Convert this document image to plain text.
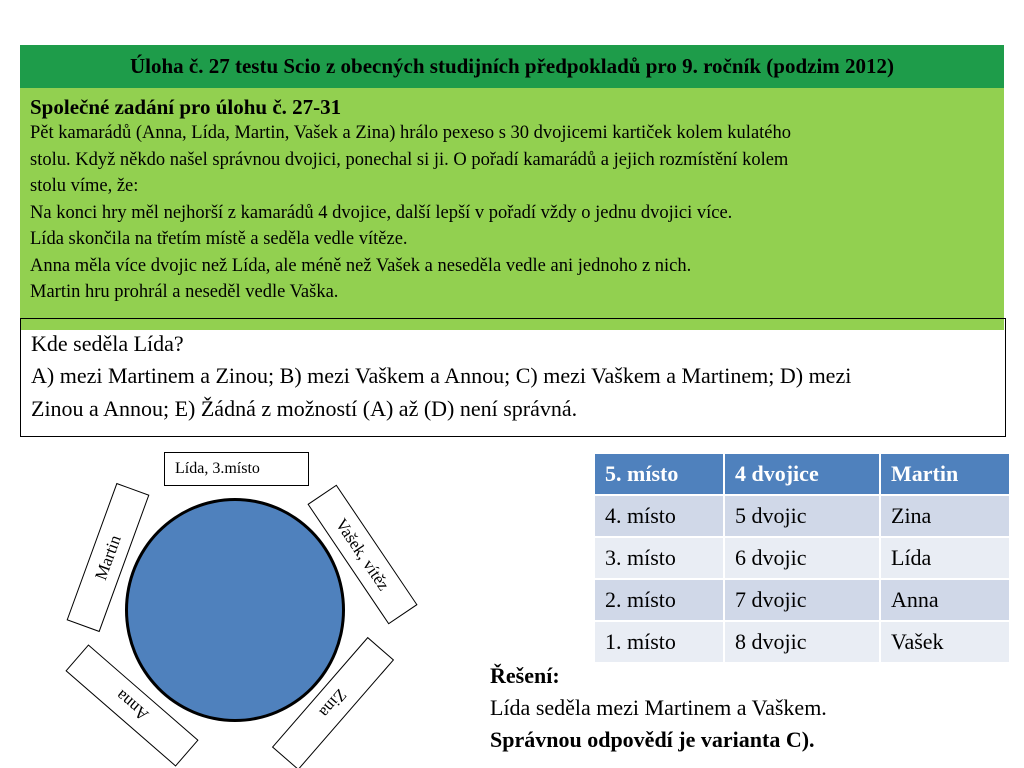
Úloha č. 27 testu Scio z obecných studijních předpokladů pro 9. ročník (podzim 2012)
Společné zadání pro úlohu č. 27-31
Pět kamarádů (Anna, Lída, Martin, Vašek a Zina) hrálo pexeso s 30 dvojicemi kartiček kolem kulatého
stolu. Když někdo našel správnou dvojici, ponechal si ji. O pořadí kamarádů a jejich rozmístění kolem
stolu víme, že:
Na konci hry měl nejhorší z kamarádů 4 dvojice, další lepší v pořadí vždy o jednu dvojici více.
Lída skončila na třetím místě a seděla vedle vítěze.
Anna měla více dvojic než Lída, ale méně než Vašek a neseděla vedle ani jednoho z nich.
Martin hru prohrál a neseděl vedle Vaška.
Kde seděla Lída?
A) mezi Martinem a Zinou; B) mezi Vaškem a Annou; C) mezi Vaškem a Martinem; D) mezi
Zinou a Annou; E) Žádná z možností (A) až (D) není správná.
Lída, 3.místo
Martin	Vašek, vítěz
Anna	Zina
5. místo	4 dvojice	Martin
4. místo	5 dvojic	Zina
3. místo	6 dvojic	Lída
2. místo	7 dvojic	Anna
1. místo	8 dvojic	Vašek
Řešení:
Lída seděla mezi Martinem a Vaškem.
Správnou odpovědí je varianta C).
